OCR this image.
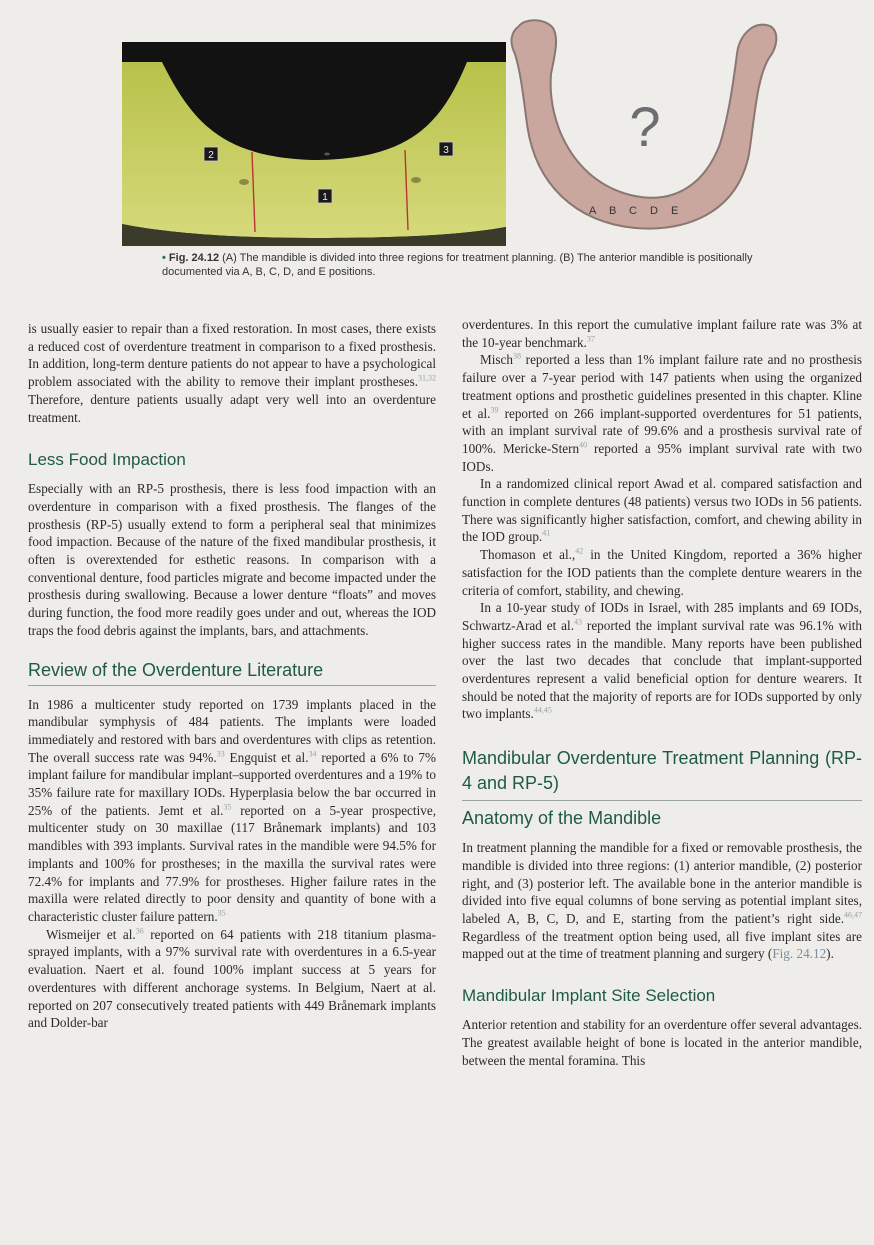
2
1
3	?
A B C D E
• Fig. 24.12 (A) The mandible is divided into three regions for treatment planning. (B) The anterior mandible is positionally documented via A, B, C, D, and E positions.

is usually easier to repair than a fixed restoration. In most cases, there exists a reduced cost of overdenture treatment in comparison to a fixed prosthesis. In addition, long-term denture patients do not appear to have a psychological problem associated with the ability to remove their implant prostheses.$^{31,32}$ Therefore, denture patients usually adapt very well into an overdenture treatment.

Less Food Impaction

Especially with an RP-5 prosthesis, there is less food impaction with an overdenture in comparison with a fixed prosthesis. The flanges of the prosthesis (RP-5) usually extend to form a peripheral seal that minimizes food impaction. Because of the nature of the fixed mandibular prosthesis, it often is overextended for esthetic reasons. In comparison with a conventional denture, food particles migrate and become impacted under the prosthesis during swallowing. Because a lower denture “floats” and moves during function, the food more readily goes under and out, whereas the IOD traps the food debris against the implants, bars, and attachments.

Review of the Overdenture Literature

In 1986 a multicenter study reported on 1739 implants placed in the mandibular symphysis of 484 patients. The implants were loaded immediately and restored with bars and overdentures with clips as retention. The overall success rate was 94%.$^{33}$ Engquist et al.$^{34}$ reported a 6% to 7% implant failure for mandibular implant–supported overdentures and a 19% to 35% failure rate for maxillary IODs. Hyperplasia below the bar occurred in 25% of the patients. Jemt et al.$^{35}$ reported on a 5-year prospective, multicenter study on 30 maxillae (117 Brånemark implants) and 103 mandibles with 393 implants. Survival rates in the mandible were 94.5% for implants and 100% for prostheses; in the maxilla the survival rates were 72.4% for implants and 77.9% for prostheses. Higher failure rates in the maxilla were related directly to poor density and quantity of bone with a characteristic cluster failure pattern.$^{35}$

Wismeijer et al.$^{36}$ reported on 64 patients with 218 titanium plasma-sprayed implants, with a 97% survival rate with overdentures in a 6.5-year evaluation. Naert et al. found 100% implant success at 5 years for overdentures with different anchorage systems. In Belgium, Naert at al. reported on 207 consecutively treated patients with 449 Brånemark implants and Dolder-bar

overdentures. In this report the cumulative implant failure rate was 3% at the 10-year benchmark.$^{37}$

Misch$^{38}$ reported a less than 1% implant failure rate and no prosthesis failure over a 7-year period with 147 patients when using the organized treatment options and prosthetic guidelines presented in this chapter. Kline et al.$^{39}$ reported on 266 implant-supported overdentures for 51 patients, with an implant survival rate of 99.6% and a prosthesis survival rate of 100%. Mericke-Stern$^{40}$ reported a 95% implant survival rate with two IODs.

In a randomized clinical report Awad et al. compared satisfaction and function in complete dentures (48 patients) versus two IODs in 56 patients. There was significantly higher satisfaction, comfort, and chewing ability in the IOD group.$^{41}$

Thomason et al.,$^{42}$ in the United Kingdom, reported a 36% higher satisfaction for the IOD patients than the complete denture wearers in the criteria of comfort, stability, and chewing.

In a 10-year study of IODs in Israel, with 285 implants and 69 IODs, Schwartz-Arad et al.$^{43}$ reported the implant survival rate was 96.1% with higher success rates in the mandible. Many reports have been published over the last two decades that conclude that implant-supported overdentures represent a valid beneficial option for denture wearers. It should be noted that the majority of reports are for IODs supported by only two implants.$^{44,45}$

Mandibular Overdenture Treatment Planning (RP-4 and RP-5)
Anatomy of the Mandible

In treatment planning the mandible for a fixed or removable prosthesis, the mandible is divided into three regions: (1) anterior mandible, (2) posterior right, and (3) posterior left. The available bone in the anterior mandible is divided into five equal columns of bone serving as potential implant sites, labeled A, B, C, D, and E, starting from the patient’s right side.$^{46,47}$ Regardless of the treatment option being used, all five implant sites are mapped out at the time of treatment planning and surgery (Fig. 24.12).

Mandibular Implant Site Selection

Anterior retention and stability for an overdenture offer several advantages. The greatest available height of bone is located in the anterior mandible, between the mental foramina. This
